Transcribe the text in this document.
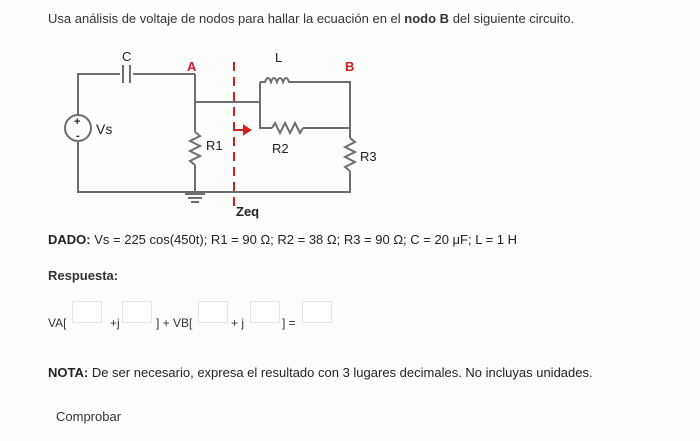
Usa análisis de voltaje de nodos para hallar la ecuación en el nodo B del siguiente circuito.
+
- Vs
C
A
L
B
R1	R2
R3
Zeq
DADO: Vs = 225 cos(450t); R1 = 90 Ω; R2 = 38 Ω; R3 = 90 Ω; C = 20 μF; L = 1 H
Respuesta:
VA[	+j	] + VB[	+ j	] =
NOTA: De ser necesario, expresa el resultado con 3 lugares decimales. No incluyas unidades.
Comprobar
